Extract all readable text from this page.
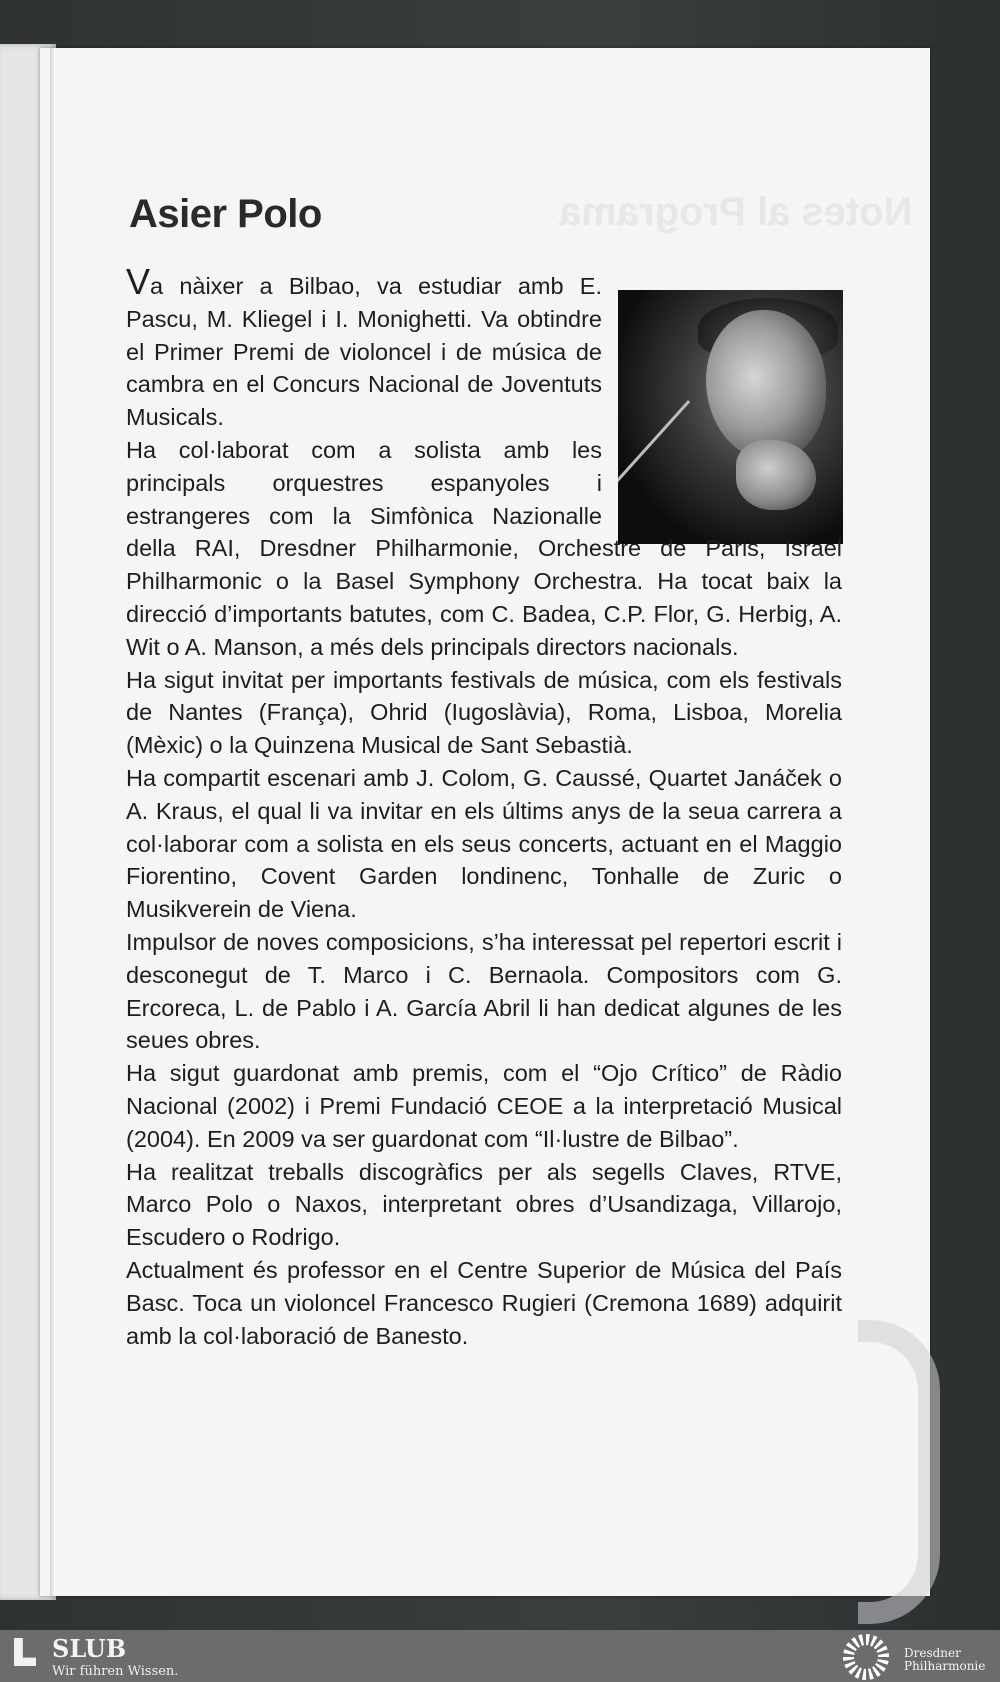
Notes al Programa
Asier Polo

Va nàixer a Bilbao, va estudiar amb E. Pascu, M. Kliegel i I. Monighetti. Va obtindre el Primer Premi de violoncel i de música de cambra en el Concurs Nacional de Joventuts Musicals.

Ha col·laborat com a solista amb les principals orquestres espanyoles i estrangeres com la Simfònica Nazionalle della RAI, Dresdner Philharmonie, Orchestre de Paris, Israel Philharmonic o la Basel Symphony Orchestra. Ha tocat baix la direcció d’importants batutes, com C. Badea, C.P. Flor, G. Herbig, A. Wit o A. Manson, a més dels principals directors nacionals.

Ha sigut invitat per importants festivals de música, com els festivals de Nantes (França), Ohrid (Iugoslàvia), Roma, Lisboa, Morelia (Mèxic) o la Quinzena Musical de Sant Sebastià.

Ha compartit escenari amb J. Colom, G. Caussé, Quartet Janáček o A. Kraus, el qual li va invitar en els últims anys de la seua carrera a col·laborar com a solista en els seus concerts, actuant en el Maggio Fiorentino, Covent Garden londinenc, Tonhalle de Zuric o Musikverein de Viena.

Impulsor de noves composicions, s’ha interessat pel repertori escrit i desconegut de T. Marco i C. Bernaola. Compositors com G. Ercoreca, L. de Pablo i A. García Abril li han dedicat algunes de les seues obres.

Ha sigut guardonat amb premis, com el “Ojo Crítico” de Ràdio Nacional (2002) i Premi Fundació CEOE a la interpretació Musical (2004). En 2009 va ser guardonat com “Il·lustre de Bilbao”.

Ha realitzat treballs discogràfics per als segells Claves, RTVE, Marco Polo o Naxos, interpretant obres d’Usandizaga, Villarojo, Escudero o Rodrigo.

Actualment és professor en el Centre Superior de Música del País Basc. Toca un violoncel Francesco Rugieri (Cremona 1689) adquirit amb la col·laboració de Banesto.

SLUB
Wir führen Wissen.
Dresdner
Philharmonie
